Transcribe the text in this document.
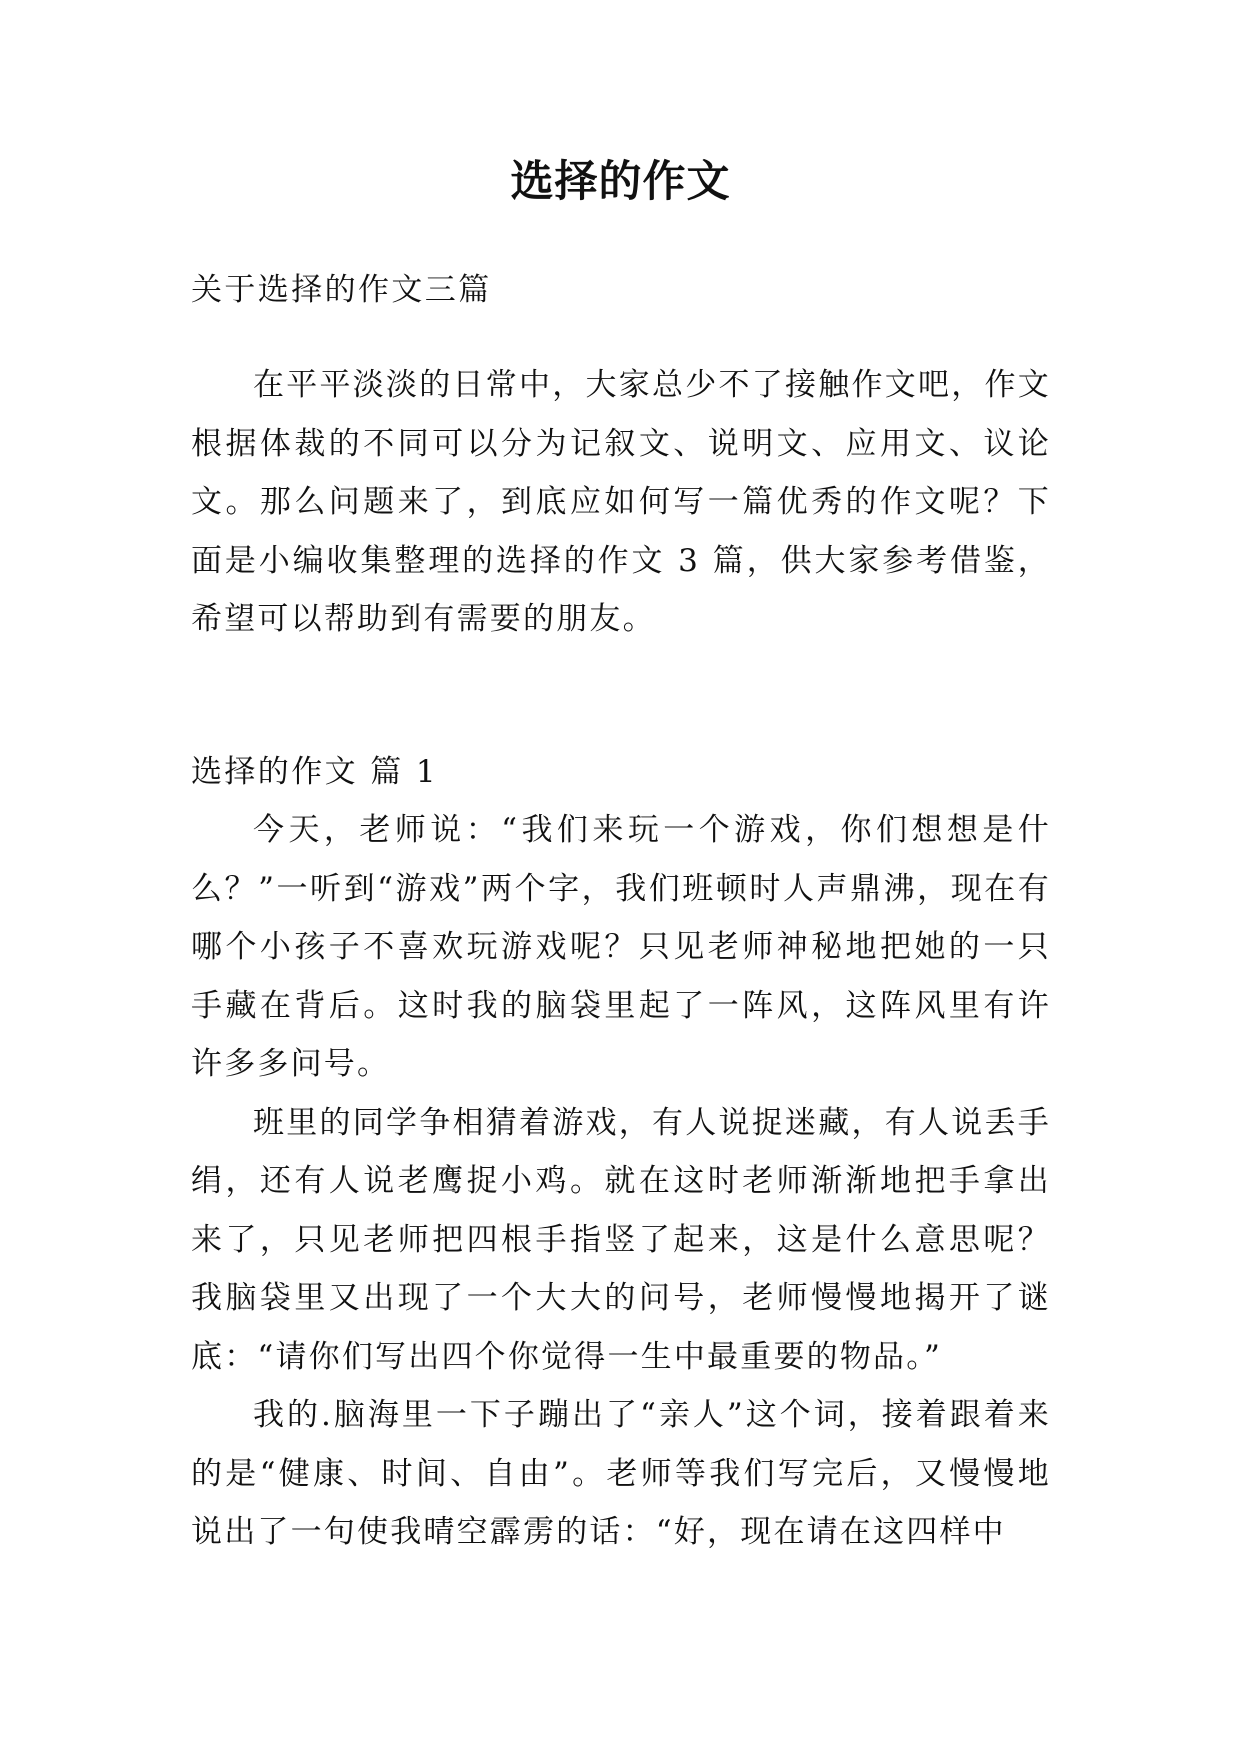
选择的作文

关于选择的作文三篇

在平平淡淡的日常中，大家总少不了接触作文吧，作文根据体裁的不同可以分为记叙文、说明文、应用文、议论文。那么问题来了，到底应如何写一篇优秀的作文呢？下面是小编收集整理的选择的作文 3 篇，供大家参考借鉴，希望可以帮助到有需要的朋友。

选择的作文 篇 1

今天，老师说：“我们来玩一个游戏，你们想想是什么？”一听到“游戏”两个字，我们班顿时人声鼎沸，现在有哪个小孩子不喜欢玩游戏呢？只见老师神秘地把她的一只手藏在背后。这时我的脑袋里起了一阵风，这阵风里有许许多多问号。

班里的同学争相猜着游戏，有人说捉迷藏，有人说丢手绢，还有人说老鹰捉小鸡。就在这时老师渐渐地把手拿出来了，只见老师把四根手指竖了起来，这是什么意思呢？我脑袋里又出现了一个大大的问号，老师慢慢地揭开了谜底：“请你们写出四个你觉得一生中最重要的物品。”

我的.脑海里一下子蹦出了“亲人”这个词，接着跟着来的是“健康、时间、自由”。老师等我们写完后，又慢慢地说出了一句使我晴空霹雳的话：“好，现在请在这四样中
